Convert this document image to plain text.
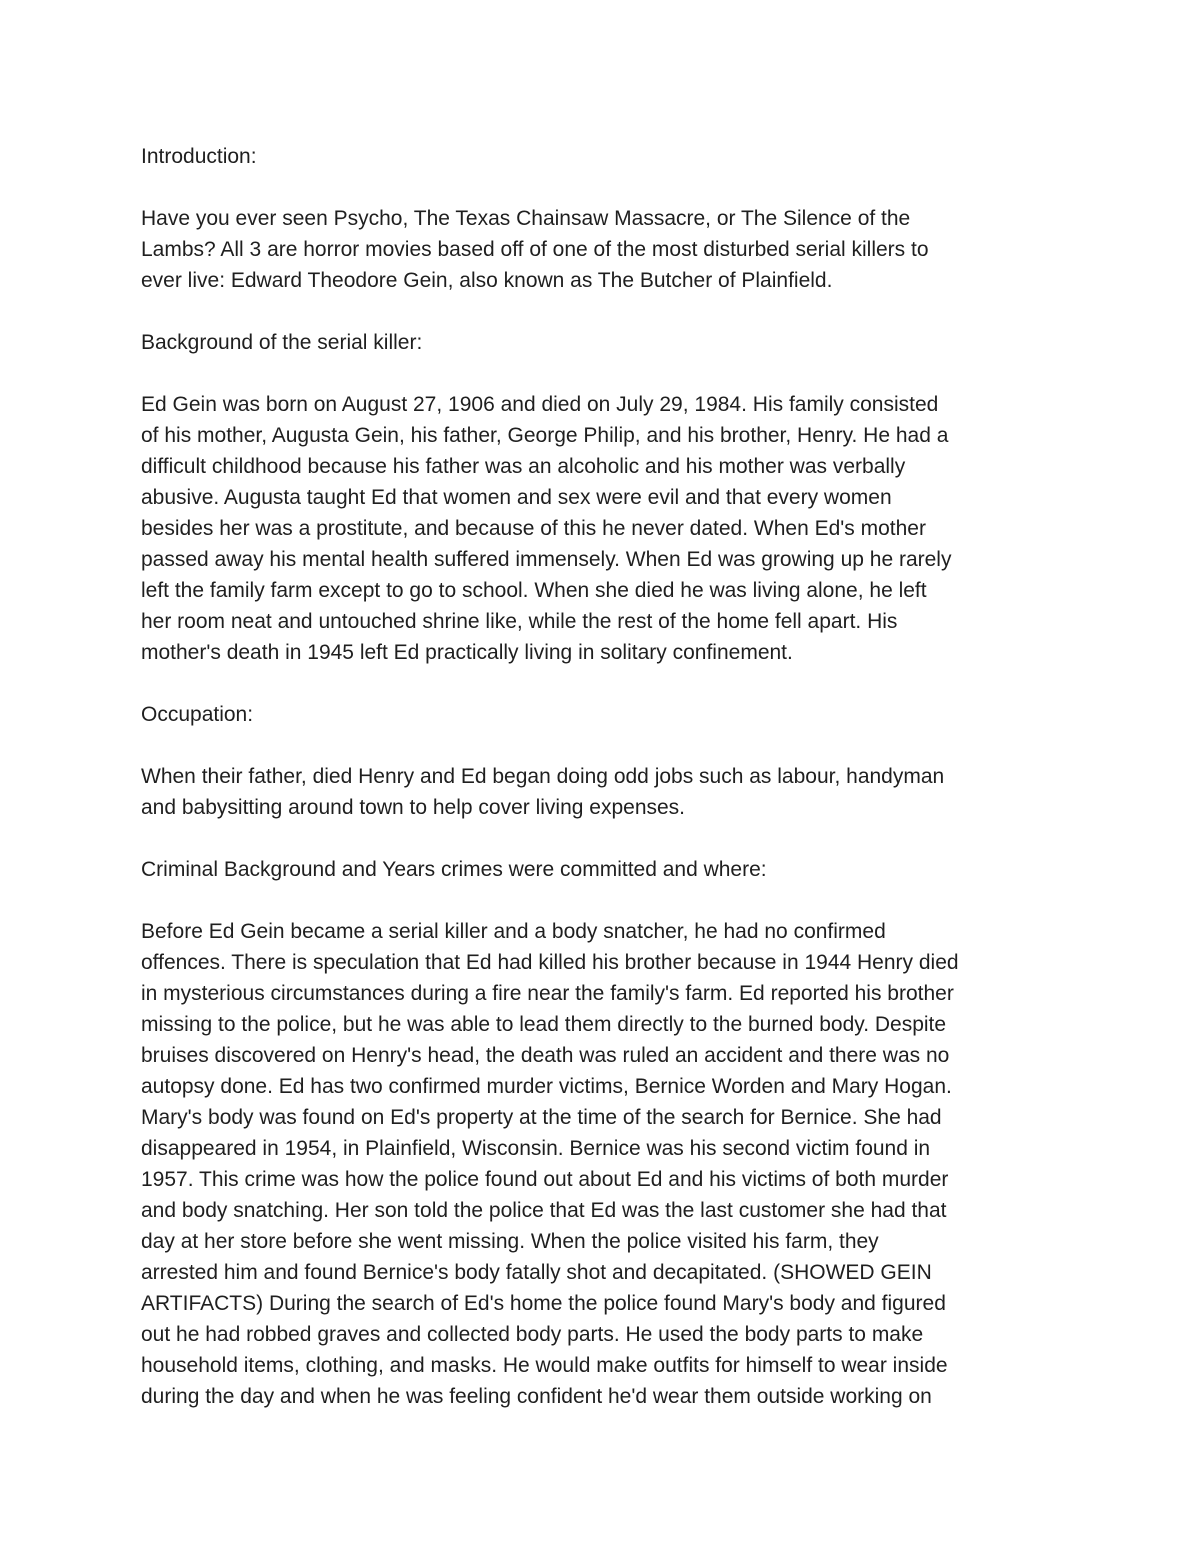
Introduction:

Have you ever seen Psycho, The Texas Chainsaw Massacre, or The Silence of the
Lambs? All 3 are horror movies based off of one of the most disturbed serial killers to
ever live: Edward Theodore Gein, also known as The Butcher of Plainfield.

Background of the serial killer:

Ed Gein was born on August 27, 1906 and died on July 29, 1984. His family consisted
of his mother, Augusta Gein, his father, George Philip, and his brother, Henry. He had a
difficult childhood because his father was an alcoholic and his mother was verbally
abusive. Augusta taught Ed that women and sex were evil and that every women
besides her was a prostitute, and because of this he never dated. When Ed's mother
passed away his mental health suffered immensely. When Ed was growing up he rarely
left the family farm except to go to school. When she died he was living alone, he left
her room neat and untouched shrine like, while the rest of the home fell apart. His
mother's death in 1945 left Ed practically living in solitary confinement.

Occupation:

When their father, died Henry and Ed began doing odd jobs such as labour, handyman
and babysitting around town to help cover living expenses.

Criminal Background and Years crimes were committed and where:

Before Ed Gein became a serial killer and a body snatcher, he had no confirmed
offences. There is speculation that Ed had killed his brother because in 1944 Henry died
in mysterious circumstances during a fire near the family's farm. Ed reported his brother
missing to the police, but he was able to lead them directly to the burned body. Despite
bruises discovered on Henry's head, the death was ruled an accident and there was no
autopsy done. Ed has two confirmed murder victims, Bernice Worden and Mary Hogan.
Mary's body was found on Ed's property at the time of the search for Bernice. She had
disappeared in 1954, in Plainfield, Wisconsin. Bernice was his second victim found in
1957. This crime was how the police found out about Ed and his victims of both murder
and body snatching. Her son told the police that Ed was the last customer she had that
day at her store before she went missing. When the police visited his farm, they
arrested him and found Bernice's body fatally shot and decapitated. (SHOWED GEIN
ARTIFACTS) During the search of Ed's home the police found Mary's body and figured
out he had robbed graves and collected body parts. He used the body parts to make
household items, clothing, and masks. He would make outfits for himself to wear inside
during the day and when he was feeling confident he'd wear them outside working on
